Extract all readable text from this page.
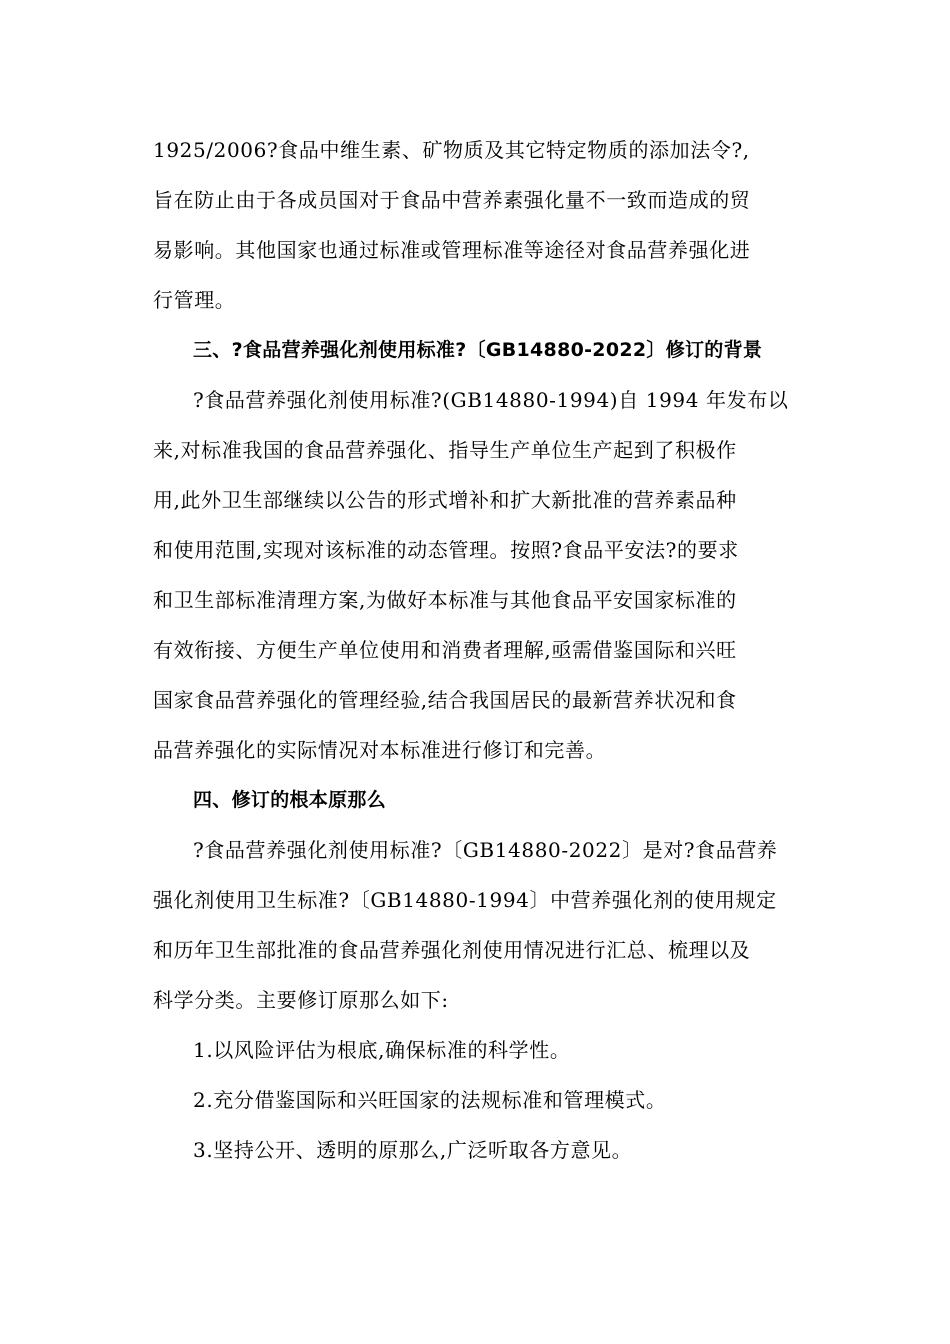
1925/2006?食品中维生素、矿物质及其它特定物质的添加法令?,
旨在防止由于各成员国对于食品中营养素强化量不一致而造成的贸
易影响。其他国家也通过标准或管理标准等途径对食品营养强化进
行管理。
三、?食品营养强化剂使用标准?〔GB14880-2022〕修订的背景
?食品营养强化剂使用标准?(GB14880-1994)自 1994 年发布以
来,对标准我国的食品营养强化、指导生产单位生产起到了积极作
用,此外卫生部继续以公告的形式增补和扩大新批准的营养素品种
和使用范围,实现对该标准的动态管理。按照?食品平安法?的要求
和卫生部标准清理方案,为做好本标准与其他食品平安国家标准的
有效衔接、方便生产单位使用和消费者理解,亟需借鉴国际和兴旺
国家食品营养强化的管理经验,结合我国居民的最新营养状况和食
品营养强化的实际情况对本标准进行修订和完善。
四、修订的根本原那么
?食品营养强化剂使用标准?〔GB14880-2022〕是对?食品营养
强化剂使用卫生标准?〔GB14880-1994〕中营养强化剂的使用规定
和历年卫生部批准的食品营养强化剂使用情况进行汇总、梳理以及
科学分类。主要修订原那么如下:
1.以风险评估为根底,确保标准的科学性。
2.充分借鉴国际和兴旺国家的法规标准和管理模式。
3.坚持公开、透明的原那么,广泛听取各方意见。
